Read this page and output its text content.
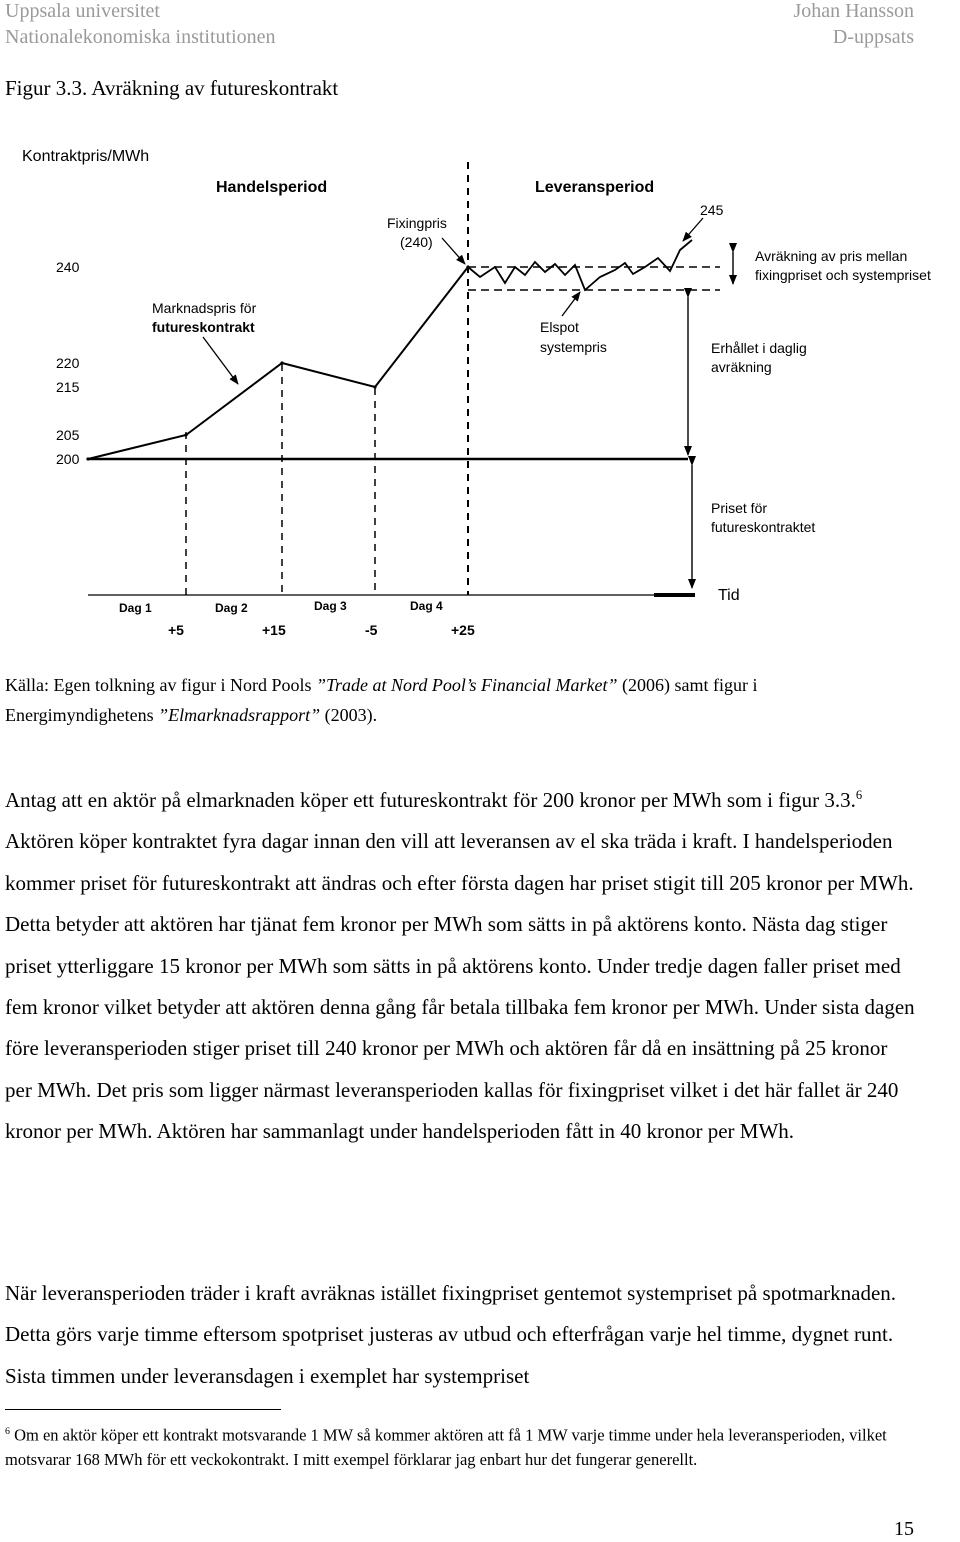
Uppsala universitet
Nationalekonomiska institutionen
Johan Hansson
D-uppsats
Figur 3.3. Avräkning av futureskontrakt
Kontraktpris/MWh
Handelsperiod	Leveransperiod
200
205
215
220
240
Fixingpris
(240)
245
Marknadspris för
futureskontrakt	Elspot
systempris
Avräkning av pris mellan
fixingpriset och systempriset
Erhållet i daglig
avräkning
Priset för
futureskontraktet
Tid
Dag 1	Dag 2	Dag 3	Dag 4
+5	+15	-5	+25
Källa: Egen tolkning av figur i Nord Pools ”Trade at Nord Pool’s Financial Market” (2006) samt figur i Energimyndighetens ”Elmarknadsrapport” (2003).
Antag att en aktör på elmarknaden köper ett futureskontrakt för 200 kronor per MWh som i figur 3.3.$^6$ Aktören köper kontraktet fyra dagar innan den vill att leveransen av el ska träda i kraft. I handelsperioden kommer priset för futureskontrakt att ändras och efter första dagen har priset stigit till 205 kronor per MWh. Detta betyder att aktören har tjänat fem kronor per MWh som sätts in på aktörens konto. Nästa dag stiger priset ytterliggare 15 kronor per MWh som sätts in på aktörens konto. Under tredje dagen faller priset med fem kronor vilket betyder att aktören denna gång får betala tillbaka fem kronor per MWh. Under sista dagen före leveransperioden stiger priset till 240 kronor per MWh och aktören får då en insättning på 25 kronor per MWh. Det pris som ligger närmast leveransperioden kallas för fixingpriset vilket i det här fallet är 240 kronor per MWh. Aktören har sammanlagt under handelsperioden fått in 40 kronor per MWh.
När leveransperioden träder i kraft avräknas istället fixingpriset gentemot systempriset på spotmarknaden. Detta görs varje timme eftersom spotpriset justeras av utbud och efterfrågan varje hel timme, dygnet runt. Sista timmen under leveransdagen i exemplet har systempriset
$^6$ Om en aktör köper ett kontrakt motsvarande 1 MW så kommer aktören att få 1 MW varje timme under hela leveransperioden, vilket motsvarar 168 MWh för ett veckokontrakt. I mitt exempel förklarar jag enbart hur det fungerar generellt.
15
